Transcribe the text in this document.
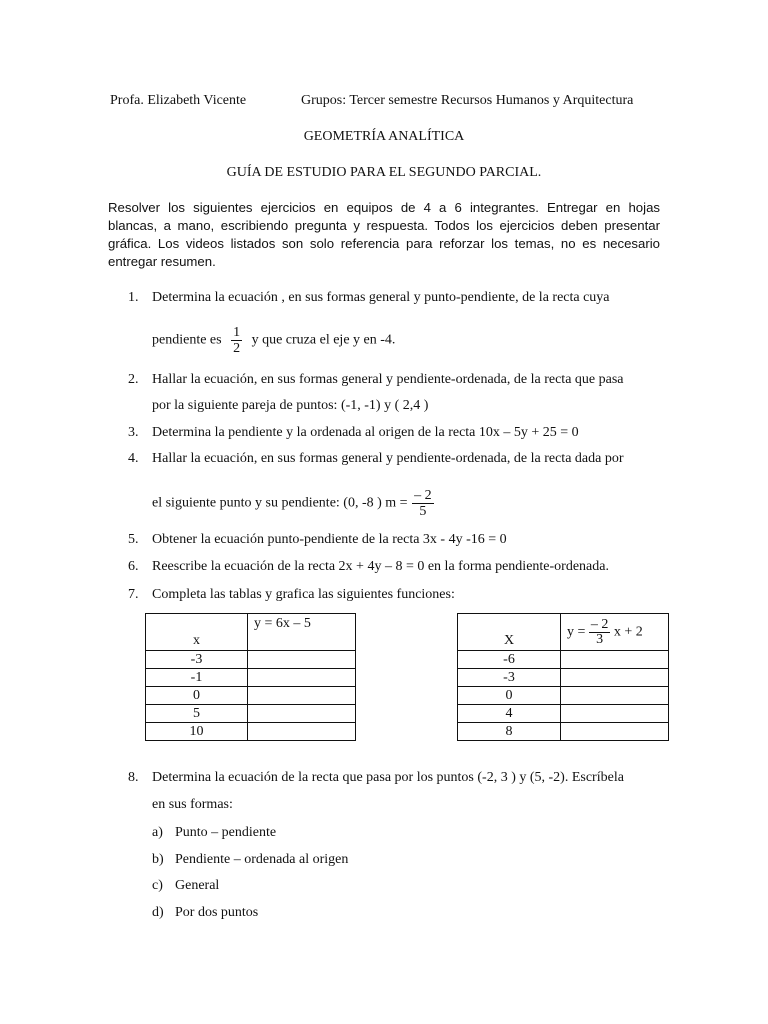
Profa. Elizabeth Vicente	Grupos: Tercer semestre Recursos Humanos y Arquitectura
GEOMETRÍA ANALÍTICA
GUÍA DE ESTUDIO PARA EL SEGUNDO PARCIAL.
Resolver los siguientes ejercicios en equipos de 4 a 6 integrantes. Entregar en hojas
blancas, a mano, escribiendo pregunta y respuesta. Todos los ejercicios deben presentar
gráfica. Los videos listados son solo referencia para reforzar los temas, no es necesario
entregar resumen.
1. Determina la ecuación , en sus formas general y punto-pendiente, de la recta cuya
pendiente es $\frac{1}{2}$ y que cruza el eje y en -4.
2. Hallar la ecuación, en sus formas general y pendiente-ordenada, de la recta que pasa
por la siguiente pareja de puntos: (-1, -1) y ( 2,4 )
3. Determina la pendiente y la ordenada al origen de la recta 10x – 5y + 25 = 0
4. Hallar la ecuación, en sus formas general y pendiente-ordenada, de la recta dada por
el siguiente punto y su pendiente: (0, -8 ) $m = \frac{- 2}{5}$
5. Obtener la ecuación punto-pendiente de la recta 3x - 4y -16 = 0
6. Reescribe la ecuación de la recta 2x + 4y – 8 = 0 en la forma pendiente-ordenada.
7. Completa las tablas y grafica las siguientes funciones:
x	y = 6x – 5
-3	
-1	
0	
5	
10	
X	$y = \frac{- 2}{3}$ x + 2
-6	
-3	
0	
4	
8	
8. Determina la ecuación de la recta que pasa por los puntos (-2, 3 ) y (5, -2). Escríbela
en sus formas:
a) Punto – pendiente
b) Pendiente – ordenada al origen
c) General
d) Por dos puntos
